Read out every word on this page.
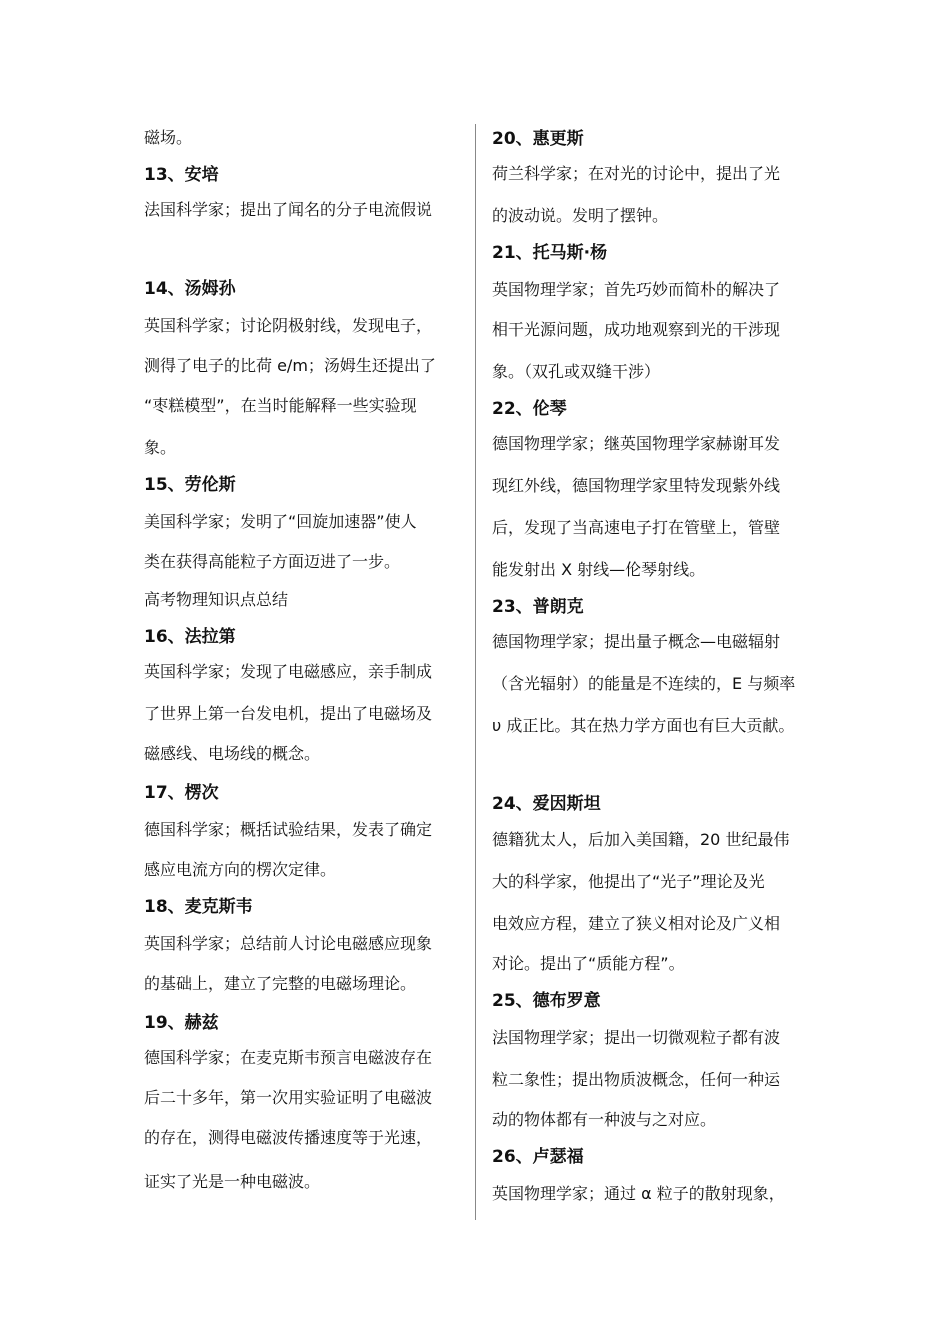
磁场。
13、安培
法国科学家；提出了闻名的分子电流假说
14、汤姆孙
英国科学家；讨论阴极射线，发现电子，
测得了电子的比荷 e/m；汤姆生还提出了
“枣糕模型”，在当时能解释一些实验现
象。
15、劳伦斯
美国科学家；发明了“回旋加速器”使人
类在获得高能粒子方面迈进了一步。
高考物理知识点总结
16、法拉第
英国科学家；发现了电磁感应，亲手制成
了世界上第一台发电机，提出了电磁场及
磁感线、电场线的概念。
17、楞次
德国科学家；概括试验结果，发表了确定
感应电流方向的楞次定律。
18、麦克斯韦
英国科学家；总结前人讨论电磁感应现象
的基础上，建立了完整的电磁场理论。
19、赫兹
德国科学家；在麦克斯韦预言电磁波存在
后二十多年，第一次用实验证明了电磁波
的存在，测得电磁波传播速度等于光速，
证实了光是一种电磁波。
20、惠更斯
荷兰科学家；在对光的讨论中，提出了光
的波动说。发明了摆钟。
21、托马斯·杨
英国物理学家；首先巧妙而简朴的解决了
相干光源问题，成功地观察到光的干涉现
象。（双孔或双缝干涉）
22、伦琴
德国物理学家；继英国物理学家赫谢耳发
现红外线，德国物理学家里特发现紫外线
后，发现了当高速电子打在管壁上，管壁
能发射出 X 射线—伦琴射线。
23、普朗克
德国物理学家；提出量子概念—电磁辐射
（含光辐射）的能量是不连续的，E 与频率
υ 成正比。其在热力学方面也有巨大贡献。
24、爱因斯坦
德籍犹太人，后加入美国籍，20 世纪最伟
大的科学家，他提出了“光子”理论及光
电效应方程，建立了狭义相对论及广义相
对论。提出了“质能方程”。
25、德布罗意
法国物理学家；提出一切微观粒子都有波
粒二象性；提出物质波概念，任何一种运
动的物体都有一种波与之对应。
26、卢瑟福
英国物理学家；通过 α 粒子的散射现象，
